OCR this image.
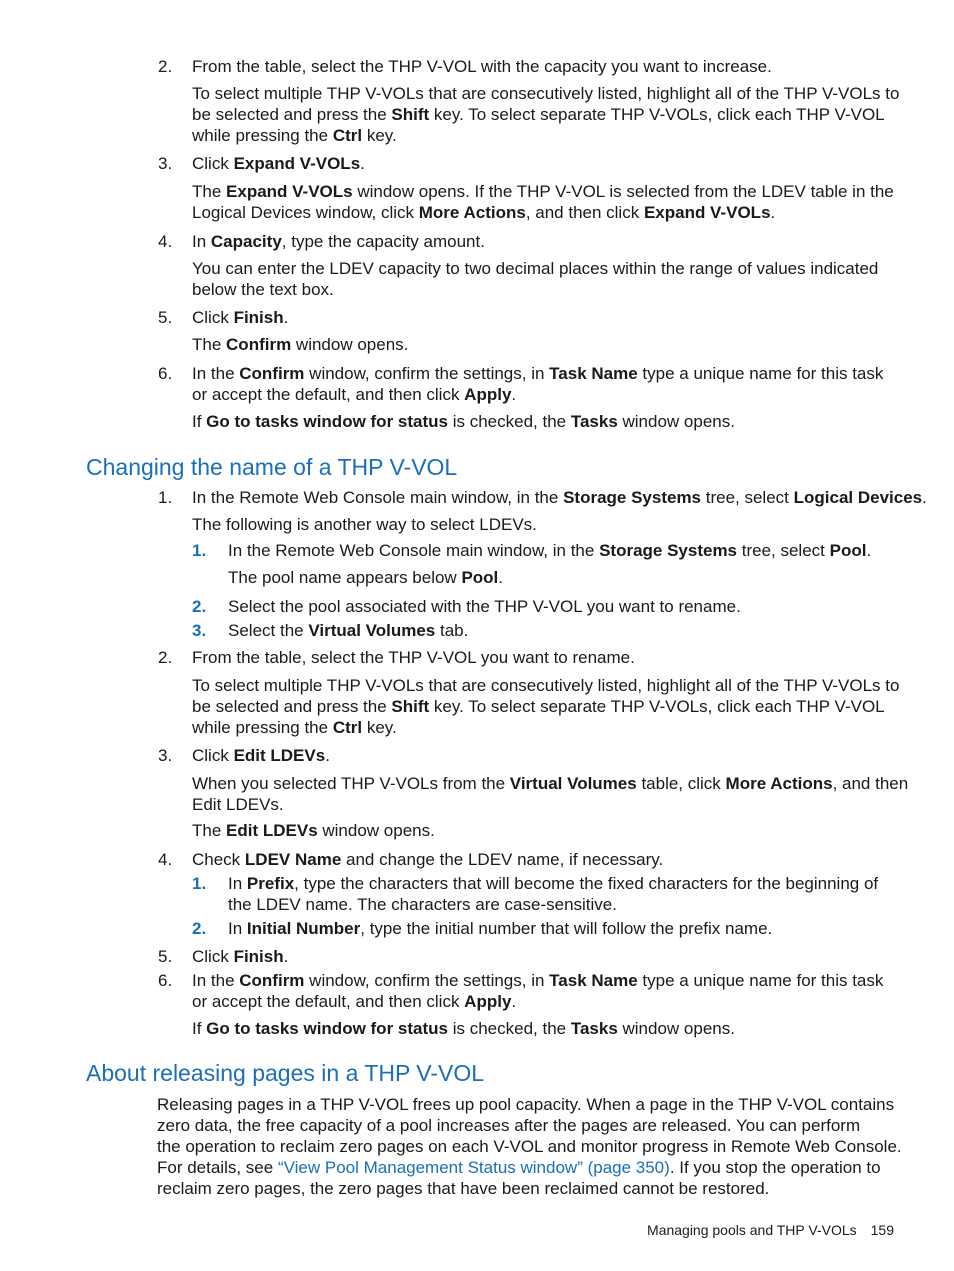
2. From the table, select the THP V-VOL with the capacity you want to increase.
To select multiple THP V-VOLs that are consecutively listed, highlight all of the THP V-VOLs to
be selected and press the Shift key. To select separate THP V-VOLs, click each THP V-VOL
while pressing the Ctrl key.
3. Click Expand V-VOLs.
The Expand V-VOLs window opens. If the THP V-VOL is selected from the LDEV table in the
Logical Devices window, click More Actions, and then click Expand V-VOLs.
4. In Capacity, type the capacity amount.
You can enter the LDEV capacity to two decimal places within the range of values indicated
below the text box.
5. Click Finish.
The Confirm window opens.
6. In the Confirm window, confirm the settings, in Task Name type a unique name for this task
or accept the default, and then click Apply.
If Go to tasks window for status is checked, the Tasks window opens.
Changing the name of a THP V-VOL
1. In the Remote Web Console main window, in the Storage Systems tree, select Logical Devices.
The following is another way to select LDEVs.
1. In the Remote Web Console main window, in the Storage Systems tree, select Pool.
The pool name appears below Pool.
2. Select the pool associated with the THP V-VOL you want to rename.
3. Select the Virtual Volumes tab.
2. From the table, select the THP V-VOL you want to rename.
To select multiple THP V-VOLs that are consecutively listed, highlight all of the THP V-VOLs to
be selected and press the Shift key. To select separate THP V-VOLs, click each THP V-VOL
while pressing the Ctrl key.
3. Click Edit LDEVs.
When you selected THP V-VOLs from the Virtual Volumes table, click More Actions, and then
Edit LDEVs.
The Edit LDEVs window opens.
4. Check LDEV Name and change the LDEV name, if necessary.
1. In Prefix, type the characters that will become the fixed characters for the beginning of
the LDEV name. The characters are case-sensitive.
2. In Initial Number, type the initial number that will follow the prefix name.
5. Click Finish.
6. In the Confirm window, confirm the settings, in Task Name type a unique name for this task
or accept the default, and then click Apply.
If Go to tasks window for status is checked, the Tasks window opens.
About releasing pages in a THP V-VOL
Releasing pages in a THP V-VOL frees up pool capacity. When a page in the THP V-VOL contains
zero data, the free capacity of a pool increases after the pages are released. You can perform
the operation to reclaim zero pages on each V-VOL and monitor progress in Remote Web Console.
For details, see “View Pool Management Status window” (page 350). If you stop the operation to
reclaim zero pages, the zero pages that have been reclaimed cannot be restored.
Managing pools and THP V-VOLs 159
